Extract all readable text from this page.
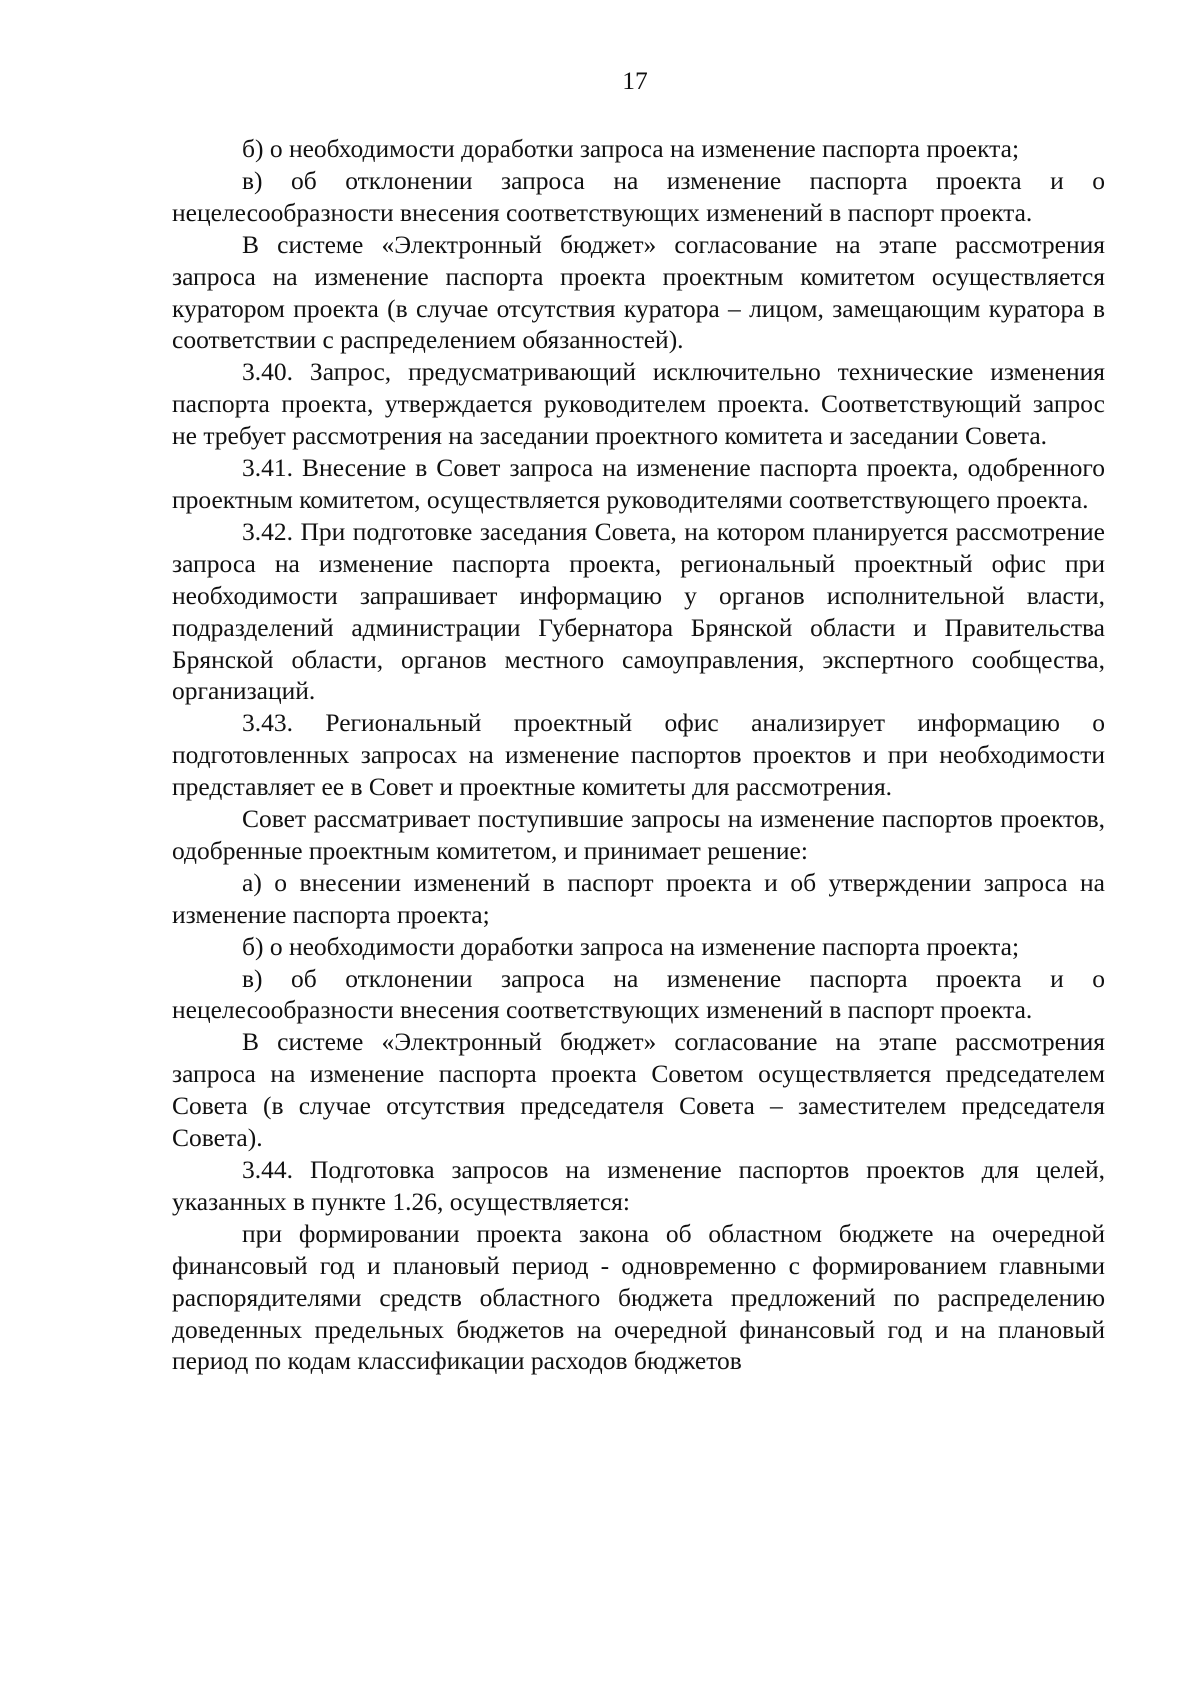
17

б) о необходимости доработки запроса на изменение паспорта проекта;

в) об отклонении запроса на изменение паспорта проекта и о нецелесообразности внесения соответствующих изменений в паспорт проекта.

В системе «Электронный бюджет» согласование на этапе рассмотрения запроса на изменение паспорта проекта проектным комитетом осуществляется куратором проекта (в случае отсутствия куратора – лицом, замещающим куратора в соответствии с распределением обязанностей).

3.40. Запрос, предусматривающий исключительно технические изменения паспорта проекта, утверждается руководителем проекта. Соответствующий запрос не требует рассмотрения на заседании проектного комитета и заседании Совета.

3.41. Внесение в Совет запроса на изменение паспорта проекта, одобренного проектным комитетом, осуществляется руководителями соответствующего проекта.

3.42. При подготовке заседания Совета, на котором планируется рассмотрение запроса на изменение паспорта проекта, региональный проектный офис при необходимости запрашивает информацию у органов исполнительной власти, подразделений администрации Губернатора Брянской области и Правительства Брянской области, органов местного самоуправления, экспертного сообщества, организаций.

3.43. Региональный проектный офис анализирует информацию о подготовленных запросах на изменение паспортов проектов и при необходимости представляет ее в Совет и проектные комитеты для рассмотрения.

Совет рассматривает поступившие запросы на изменение паспортов проектов, одобренные проектным комитетом, и принимает решение:

а) о внесении изменений в паспорт проекта и об утверждении запроса на изменение паспорта проекта;

б) о необходимости доработки запроса на изменение паспорта проекта;

в) об отклонении запроса на изменение паспорта проекта и о нецелесообразности внесения соответствующих изменений в паспорт проекта.

В системе «Электронный бюджет» согласование на этапе рассмотрения запроса на изменение паспорта проекта Советом осуществляется председателем Совета (в случае отсутствия председателя Совета – заместителем председателя Совета).

3.44. Подготовка запросов на изменение паспортов проектов для целей, указанных в пункте 1.26, осуществляется:

при формировании проекта закона об областном бюджете на очередной финансовый год и плановый период - одновременно с формированием главными распорядителями средств областного бюджета предложений по распределению доведенных предельных бюджетов на очередной финансовый год и на плановый период по кодам классификации расходов бюджетов
